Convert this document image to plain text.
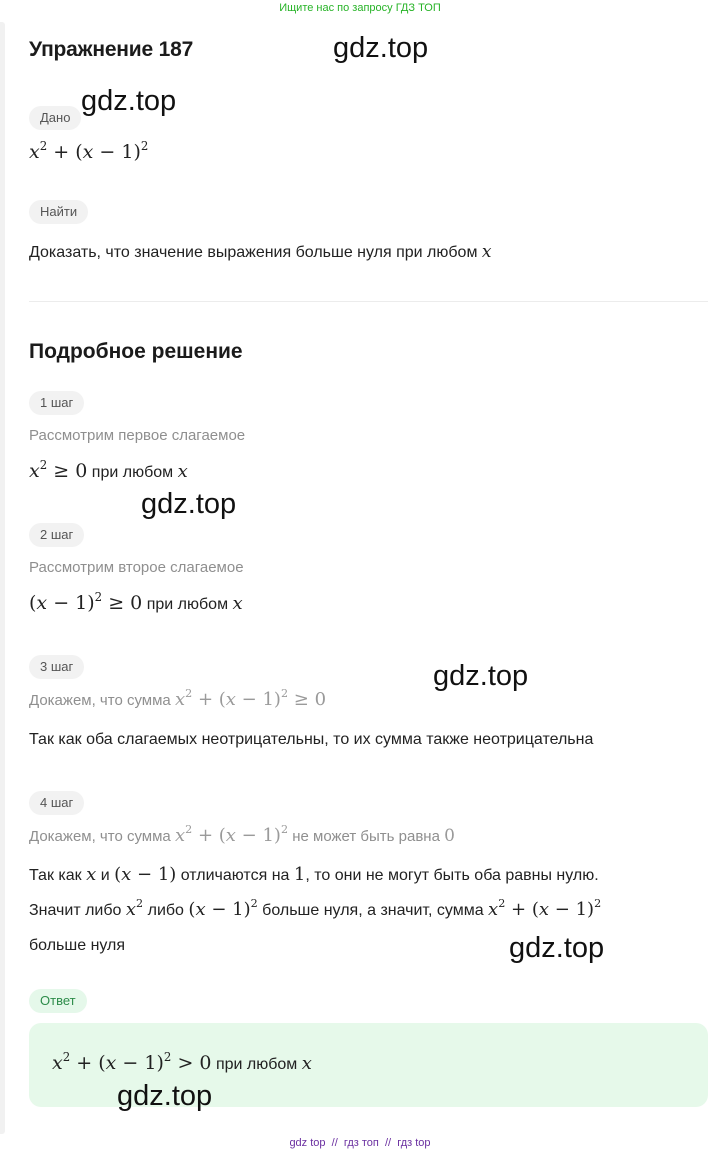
Ищите нас по запросу ГДЗ ТОП
Упражнение 187
Дано
$x^2 + (x - 1)^2$
Найти
Доказать, что значение выражения больше нуля при любом x
Подробное решение
1 шаг
Рассмотрим первое слагаемое
$x^2 \ge 0$ при любом x
2 шаг
Рассмотрим второе слагаемое
$(x - 1)^2 \ge 0$ при любом x
3 шаг
Докажем, что сумма $x^2 + (x - 1)^2 \ge 0$
Так как оба слагаемых неотрицательны, то их сумма также неотрицательна
4 шаг
Докажем, что сумма $x^2 + (x - 1)^2$ не может быть равна 0
Так как x и (x − 1) отличаются на 1, то они не могут быть оба равны нулю.
Значит либо $x^2$ либо $(x - 1)^2$ больше нуля, а значит, сумма $x^2 + (x - 1)^2$
больше нуля
Ответ
$x^2 + (x - 1)^2 > 0$ при любом x
gdz.top
gdz.top
gdz.top
gdz.top
gdz.top
gdz.top
gdz top  //  гдз топ  //  гдз top
